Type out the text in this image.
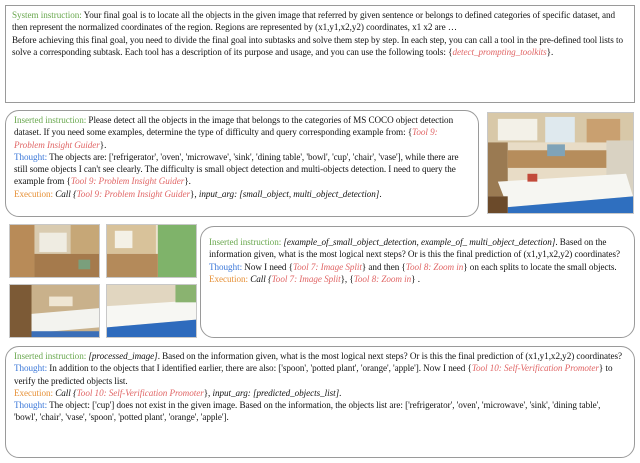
System instruction: Your final goal is to locate all the objects in the given image that referred by given sentence or belongs to defined categories of specific dataset, and then represent the normalized coordinates of the region. Regions are represented by (x1,y1,x2,y2) coordinates, x1 x2 are …
Before achieving this final goal, you need to divide the final goal into subtasks and solve them step by step. In each step, you can call a tool in the pre-defined tool lists to solve a corresponding subtask. Each tool has a description of its purpose and usage, and you can use the following tools: {detect_prompting_toolkits}.
Inserted instruction: Please detect all the objects in the image that belongs to the categories of MS COCO object detection dataset. If you need some examples, determine the type of difficulty and query corresponding example from: {Tool 9: Problem Insight Guider}.
Thought: The objects are: ['refrigerator', 'oven', 'microwave', 'sink', 'dining table', 'bowl', 'cup', 'chair', 'vase'], while there are still some objects I can't see clearly. The difficulty is small object detection and multi-objects detection. I need to query the example from {Tool 9: Problem Insight Guider}.
Execution: Call {Tool 9: Problem Insight Guider}, input_arg: [small_object, multi_object_detection].
Inserted instruction: [example_of_small_object_detection, example_of_ multi_object_detection]. Based on the information given, what is the most logical next steps? Or is this the final prediction of (x1,y1,x2,y2) coordinates?
Thought: Now I need {Tool 7: Image Split} and then {Tool 8: Zoom in} on each splits to locate the small objects.
Execution: Call {Tool 7: Image Split}, {Tool 8: Zoom in} .
Inserted instruction: [processed_image]. Based on the information given, what is the most logical next steps? Or is this the final prediction of (x1,y1,x2,y2) coordinates?
Thought: In addition to the objects that I identified earlier, there are also: ['spoon', 'potted plant', 'orange', 'apple']. Now I need {Tool 10: Self-Verification Promoter} to verify the predicted objects list.
Execution: Call {Tool 10: Self-Verification Promoter}, input_arg: [predicted_objects_list].
Thought: The object: ['cup'] does not exist in the given image. Based on the information, the objects list are: ['refrigerator', 'oven', 'microwave', 'sink', 'dining table', 'bowl', 'chair', 'vase', 'spoon', 'potted plant', 'orange', 'apple'].
